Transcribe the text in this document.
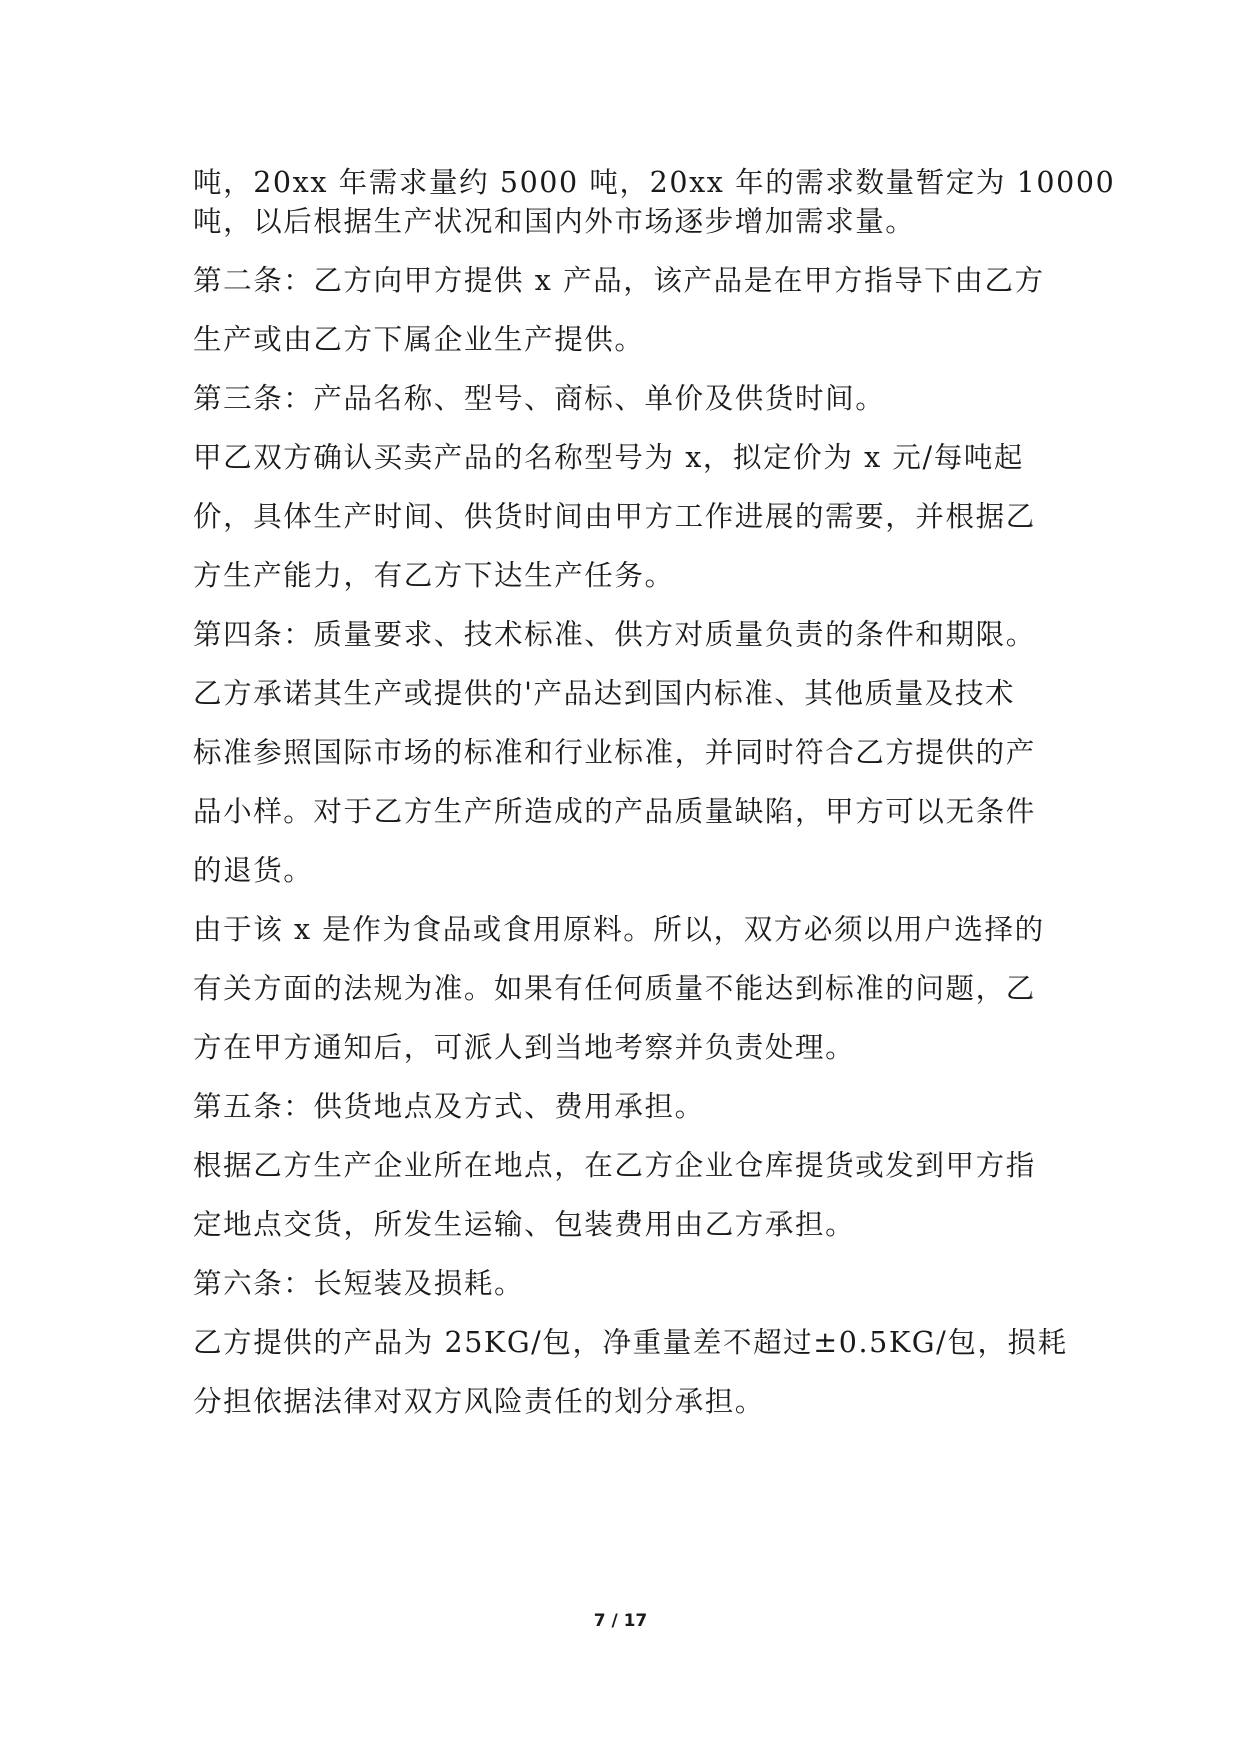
吨，20xx 年需求量约 5000 吨，20xx 年的需求数量暂定为 10000

吨，以后根据生产状况和国内外市场逐步增加需求量。

第二条：乙方向甲方提供 x 产品，该产品是在甲方指导下由乙方

生产或由乙方下属企业生产提供。

第三条：产品名称、型号、商标、单价及供货时间。

甲乙双方确认买卖产品的名称型号为 x，拟定价为 x 元/每吨起

价，具体生产时间、供货时间由甲方工作进展的需要，并根据乙

方生产能力，有乙方下达生产任务。

第四条：质量要求、技术标准、供方对质量负责的条件和期限。

乙方承诺其生产或提供的'产品达到国内标准、其他质量及技术

标准参照国际市场的标准和行业标准，并同时符合乙方提供的产

品小样。对于乙方生产所造成的产品质量缺陷，甲方可以无条件

的退货。

由于该 x 是作为食品或食用原料。所以，双方必须以用户选择的

有关方面的法规为准。如果有任何质量不能达到标准的问题，乙

方在甲方通知后，可派人到当地考察并负责处理。

第五条：供货地点及方式、费用承担。

根据乙方生产企业所在地点，在乙方企业仓库提货或发到甲方指

定地点交货，所发生运输、包装费用由乙方承担。

第六条：长短装及损耗。

乙方提供的产品为 25KG/包，净重量差不超过±0.5KG/包，损耗

分担依据法律对双方风险责任的划分承担。

7 / 17
